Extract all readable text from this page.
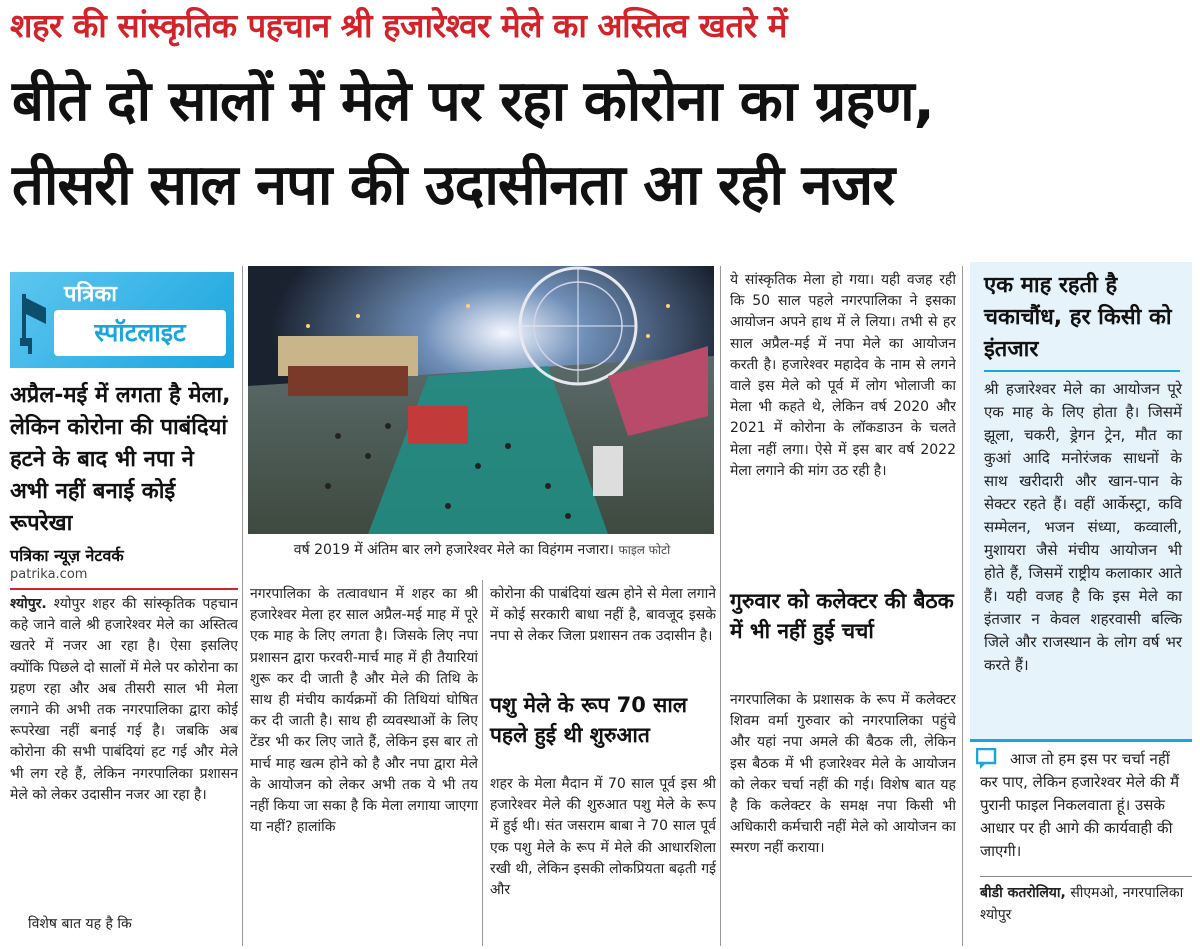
शहर की सांस्कृतिक पहचान श्री हजारेश्वर मेले का अस्तित्व खतरे में
बीते दो सालों में मेले पर रहा कोरोना का ग्रहण,
तीसरी साल नपा की उदासीनता आ रही नजर
पत्रिका
स्पॉटलाइट
अप्रैल-मई में लगता है मेला, लेकिन कोरोना की पाबंदियां हटने के बाद भी नपा ने अभी नहीं बनाई कोई रूपरेखा
पत्रिका न्यूज़ नेटवर्क
patrika.com
श्योपुर. श्योपुर शहर की सांस्कृतिक पहचान कहे जाने वाले श्री हजारेश्वर मेले का अस्तित्व खतरे में नजर आ रहा है। ऐसा इसलिए क्योंकि पिछले दो सालों में मेले पर कोरोना का ग्रहण रहा और अब तीसरी साल भी मेला लगाने की अभी तक नगरपालिका द्वारा कोई रूपरेखा नहीं बनाई गई है। जबकि अब कोरोना की सभी पाबंदियां हट गई और मेले भी लग रहे हैं, लेकिन नगरपालिका प्रशासन मेले को लेकर उदासीन नजर आ रहा है।
विशेष बात यह है कि
वर्ष 2019 में अंतिम बार लगे हजारेश्वर मेले का विहंगम नजारा। फाइल फोटो
नगरपालिका के तत्वावधान में शहर का श्री हजारेश्वर मेला हर साल अप्रैल-मई माह में पूरे एक माह के लिए लगता है। जिसके लिए नपा प्रशासन द्वारा फरवरी-मार्च माह में ही तैयारियां शुरू कर दी जाती है और मेले की तिथि के साथ ही मंचीय कार्यक्रमों की तिथियां घोषित कर दी जाती है। साथ ही व्यवस्थाओं के लिए टेंडर भी कर लिए जाते हैं, लेकिन इस बार तो मार्च माह खत्म होने को है और नपा द्वारा मेले के आयोजन को लेकर अभी तक ये भी तय नहीं किया जा सका है कि मेला लगाया जाएगा या नहीं? हालांकि
कोरोना की पाबंदियां खत्म होने से मेला लगाने में कोई सरकारी बाधा नहीं है, बावजूद इसके नपा से लेकर जिला प्रशासन तक उदासीन है।
पशु मेले के रूप 70 साल पहले हुई थी शुरुआत
शहर के मेला मैदान में 70 साल पूर्व इस श्री हजारेश्वर मेले की शुरुआत पशु मेले के रूप में हुई थी। संत जसराम बाबा ने 70 साल पूर्व एक पशु मेले के रूप में मेले की आधारशिला रखी थी, लेकिन इसकी लोकप्रियता बढ़ती गई और
ये सांस्कृतिक मेला हो गया। यही वजह रही कि 50 साल पहले नगरपालिका ने इसका आयोजन अपने हाथ में ले लिया। तभी से हर साल अप्रैल-मई में नपा मेले का आयोजन करती है। हजारेश्वर महादेव के नाम से लगने वाले इस मेले को पूर्व में लोग भोलाजी का मेला भी कहते थे, लेकिन वर्ष 2020 और 2021 में कोरोना के लॉकडाउन के चलते मेला नहीं लगा। ऐसे में इस बार वर्ष 2022 मेला लगाने की मांग उठ रही है।
गुरुवार को कलेक्टर की बैठक में भी नहीं हुई चर्चा
नगरपालिका के प्रशासक के रूप में कलेक्टर शिवम वर्मा गुरुवार को नगरपालिका पहुंचे और यहां नपा अमले की बैठक ली, लेकिन इस बैठक में भी हजारेश्वर मेले के आयोजन को लेकर चर्चा नहीं की गई। विशेष बात यह है कि कलेक्टर के समक्ष नपा किसी भी अधिकारी कर्मचारी नहीं मेले को आयोजन का स्मरण नहीं कराया।
एक माह रहती है चकाचौंध, हर किसी को इंतजार
श्री हजारेश्वर मेले का आयोजन पूरे एक माह के लिए होता है। जिसमें झूला, चकरी, ड्रेगन ट्रेन, मौत का कुआं आदि मनोरंजक साधनों के साथ खरीदारी और खान-पान के सेक्टर रहते हैं। वहीं आर्केस्ट्रा, कवि सम्मेलन, भजन संध्या, कव्वाली, मुशायरा जैसे मंचीय आयोजन भी होते हैं, जिसमें राष्ट्रीय कलाकार आते हैं। यही वजह है कि इस मेले का इंतजार न केवल शहरवासी बल्कि जिले और राजस्थान के लोग वर्ष भर करते हैं।
आज तो हम इस पर चर्चा नहीं कर पाए, लेकिन हजारेश्वर मेले की मैं पुरानी फाइल निकलवाता हूं। उसके आधार पर ही आगे की कार्यवाही की जाएगी।
बीडी कतरोलिया, सीएमओ, नगरपालिका श्योपुर
